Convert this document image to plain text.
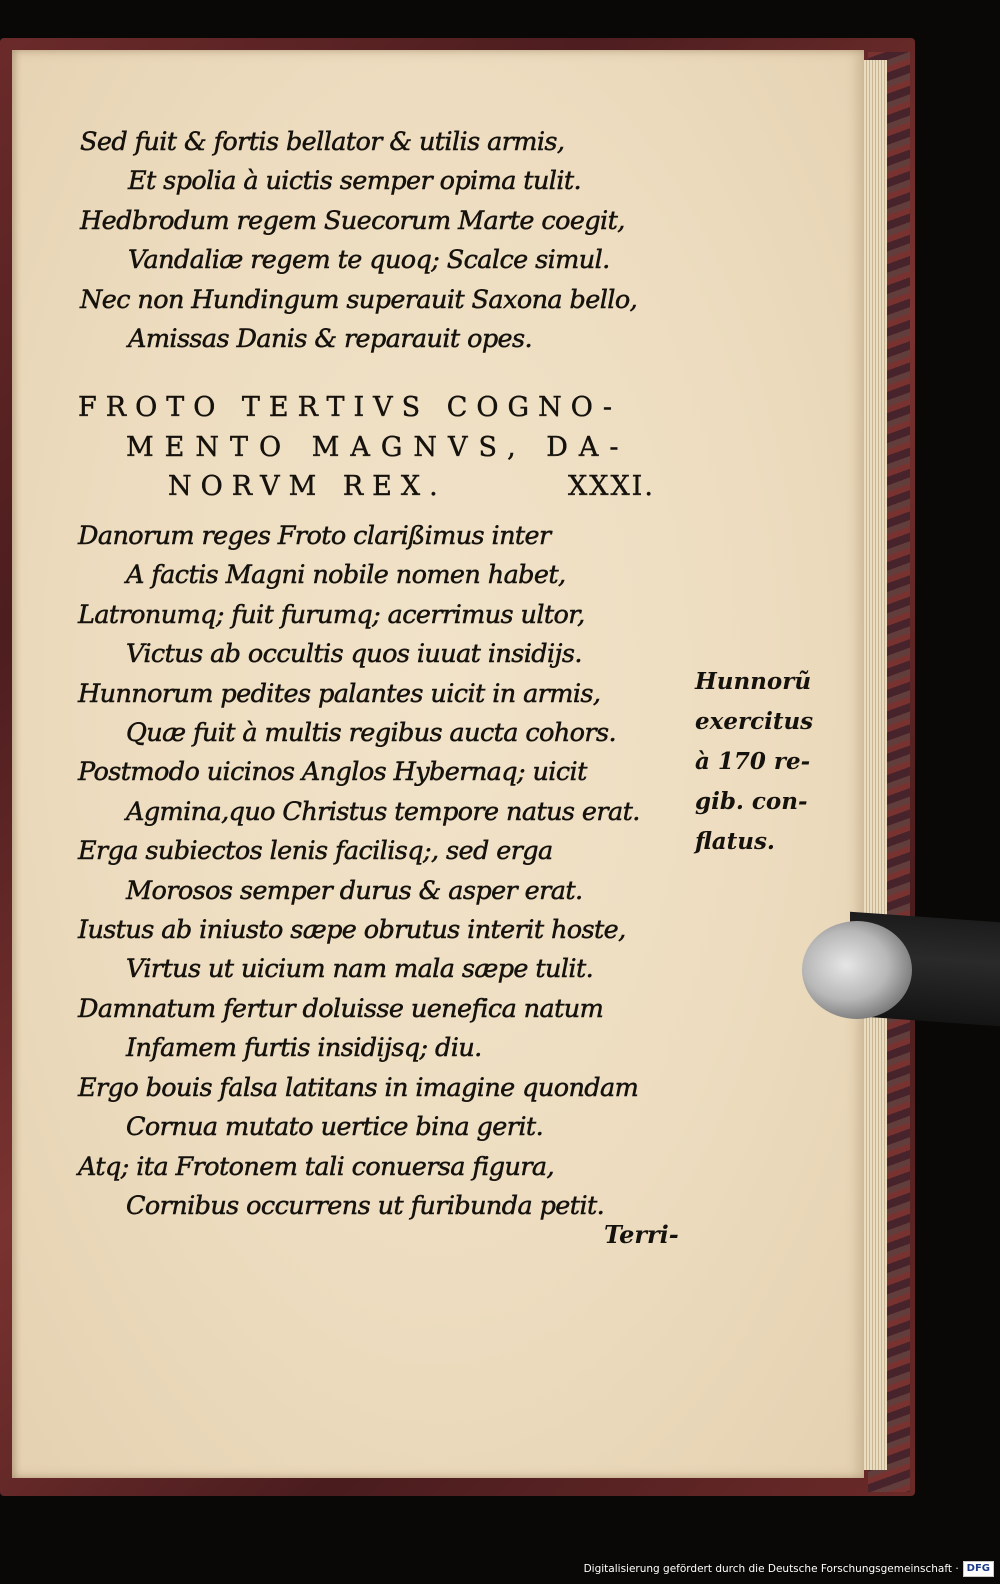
Sed fuit & fortis bellator & utilis armis,
Et spolia à uictis semper opima tulit.
Hedbrodum regem Suecorum Marte coegit,
Vandaliæ regem te quoq; Scalce simul.
Nec non Hundingum superauit Saxona bello,
Amissas Danis & reparauit opes.
FROTO TERTIVS COGNO-
MENTO MAGNVS, DA-
NORVM REX.	XXXI.
Danorum reges Froto clarißimus inter
A factis Magni nobile nomen habet,
Latronumq; fuit furumq; acerrimus ultor,
Victus ab occultis quos iuuat insidijs.
Hunnorum pedites palantes uicit in armis,
Quæ fuit à multis regibus aucta cohors.
Postmodo uicinos Anglos Hybernaq; uicit
Agmina,quo Christus tempore natus erat.
Erga subiectos lenis facilisq;, sed erga
Morosos semper durus & asper erat.
Iustus ab iniusto sæpe obrutus interit hoste,
Virtus ut uicium nam mala sæpe tulit.
Damnatum fertur doluisse uenefica natum
Infamem furtis insidijsq; diu.
Ergo bouis falsa latitans in imagine quondam
Cornua mutato uertice bina gerit.
Atq; ita Frotonem tali conuersa figura,
Cornibus occurrens ut furibunda petit.
Hunnorũ
exercitus
à 170 re-
gib. con-
flatus.
Terri-
Digitalisierung gefördert durch die Deutsche Forschungsgemeinschaft · DFG
